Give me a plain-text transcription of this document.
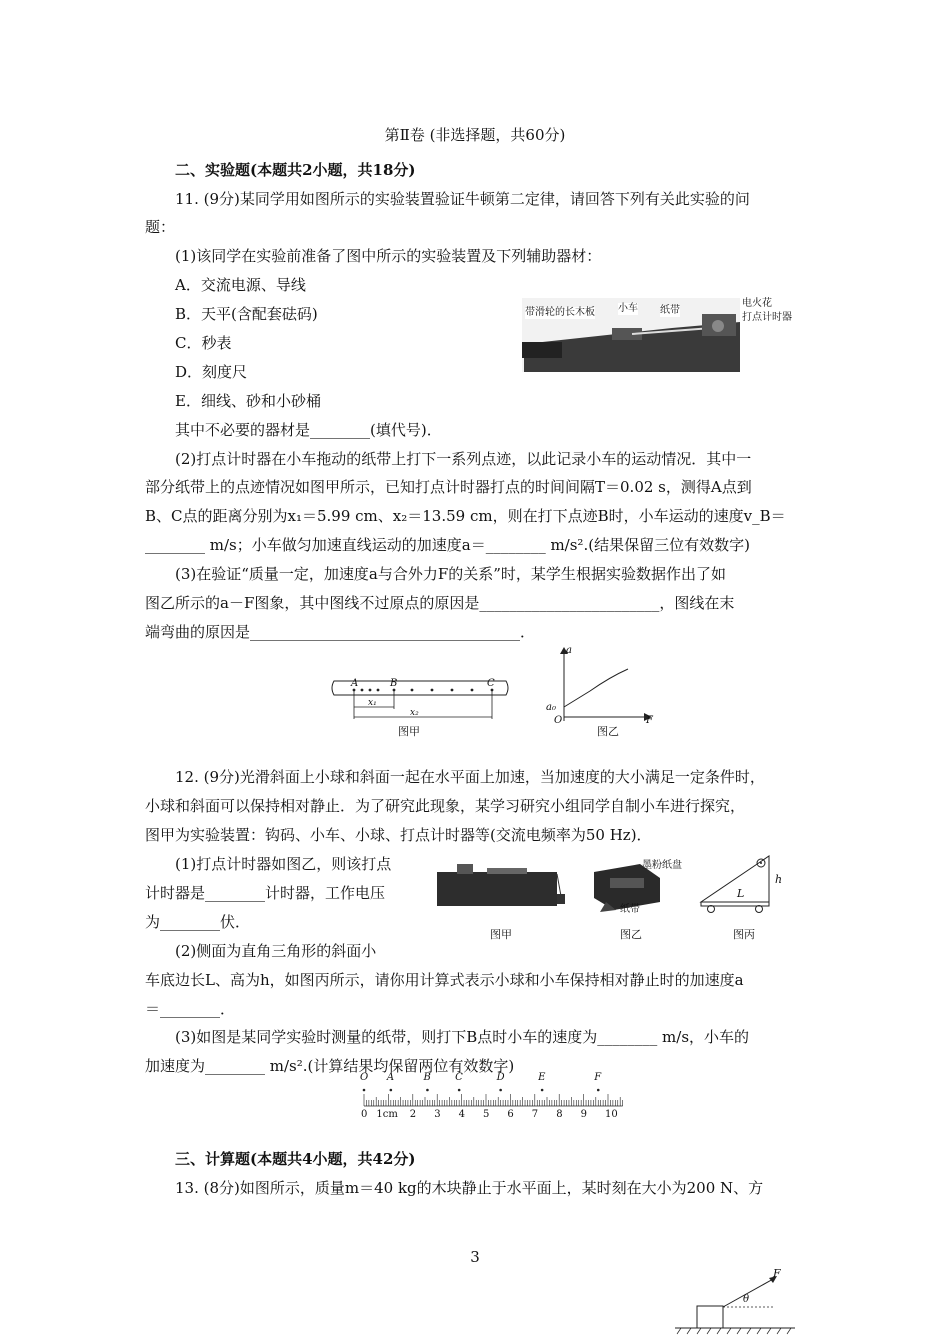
第Ⅱ卷 (非选择题，共60分)
二、实验题(本题共2小题，共18分)
11. (9分)某同学用如图所示的实验装置验证牛顿第二定律，请回答下列有关此实验的问
题：
(1)该同学在实验前准备了图中所示的实验装置及下列辅助器材：
A．交流电源、导线
B．天平(含配套砝码)
C．秒表
D．刻度尺
E．细线、砂和小砂桶
其中不必要的器材是________(填代号)．
带滑轮的长木板 小车 纸带
电火花
打点计时器
(2)打点计时器在小车拖动的纸带上打下一系列点迹，以此记录小车的运动情况．其中一
部分纸带上的点迹情况如图甲所示，已知打点计时器打点的时间间隔T＝0.02 s，测得A点到
B、C点的距离分别为x₁＝5.99 cm、x₂＝13.59 cm，则在打下点迹B时，小车运动的速度v_B＝
________ m/s；小车做匀加速直线运动的加速度a＝________ m/s².(结果保留三位有效数字)
(3)在验证“质量一定，加速度a与合外力F的关系”时，某学生根据实验数据作出了如
图乙所示的a－F图象，其中图线不过原点的原因是________________________，图线在末
端弯曲的原因是____________________________________．
A	B	C
x₁
x₂
图甲
a
a₀
O	F
图乙
12. (9分)光滑斜面上小球和斜面一起在水平面上加速，当加速度的大小满足一定条件时，
小球和斜面可以保持相对静止．为了研究此现象，某学习研究小组同学自制小车进行探究，
图甲为实验装置：钩码、小车、小球、打点计时器等(交流电频率为50 Hz)．
(1)打点计时器如图乙，则该打点
计时器是________计时器，工作电压
为________伏．
(2)侧面为直角三角形的斜面小
车底边长L、高为h，如图丙所示，请你用计算式表示小球和小车保持相对静止时的加速度a
＝________．
图甲
墨粉纸盘
纸带
图乙
L
h
图丙
(3)如图是某同学实验时测量的纸带，则打下B点时小车的速度为________ m/s，小车的
加速度为________ m/s².(计算结果均保留两位有效数字)
O A	B C	D	E	F
0 1cm 2 3 4 5 6 7 8 9 10
三、计算题(本题共4小题，共42分)
13. (8分)如图所示，质量m＝40 kg的木块静止于水平面上，某时刻在大小为200 N、方
3
F
θ
